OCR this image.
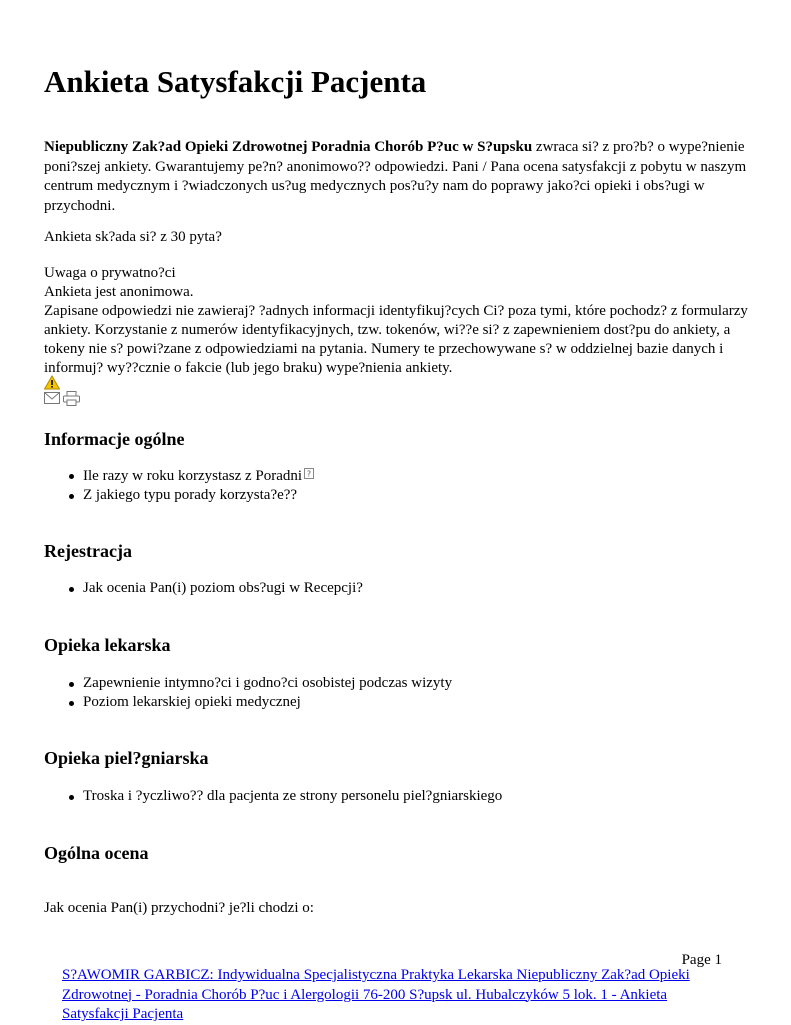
Ankieta Satysfakcji Pacjenta

Niepubliczny Zak?ad Opieki Zdrowotnej Poradnia Chorób P?uc w S?upsku zwraca si? z pro?b? o wype?nienie poni?szej ankiety. Gwarantujemy pe?n? anonimowo?? odpowiedzi. Pani / Pana ocena satysfakcji z pobytu w naszym centrum medycznym i ?wiadczonych us?ug medycznych pos?u?y nam do poprawy jako?ci opieki i obs?ugi w przychodni.

Ankieta sk?ada si? z 30 pyta?

Uwaga o prywatno?ci
Ankieta jest anonimowa.
Zapisane odpowiedzi nie zawieraj? ?adnych informacji identyfikuj?cych Ci? poza tymi, które pochodz? z formularzy ankiety. Korzystanie z numerów identyfikacyjnych, tzw. tokenów, wi??e si? z zapewnieniem dost?pu do ankiety, a tokeny nie s? powi?zane z odpowiedziami na pytania. Numery te przechowywane s? w oddzielnej bazie danych i informuj? wy??cznie o fakcie (lub jego braku) wype?nienia ankiety.
Informacje ogólne
Ile razy w roku korzystasz z Poradni ?
Z jakiego typu porady korzysta?e??
Rejestracja
Jak ocenia Pan(i) poziom obs?ugi w Recepcji?
Opieka lekarska
Zapewnienie intymno?ci i godno?ci osobistej podczas wizyty
Poziom lekarskiej opieki medycznej
Opieka piel?gniarska
Troska i ?yczliwo?? dla pacjenta ze strony personelu piel?gniarskiego
Ogólna ocena

Jak ocenia Pan(i) przychodni? je?li chodzi o:

Page 1
S?AWOMIR GARBICZ: Indywidualna Specjalistyczna Praktyka Lekarska Niepubliczny Zak?ad Opieki Zdrowotnej - Poradnia Chorób P?uc i Alergologii 76-200 S?upsk ul. Hubalczyków 5 lok. 1 - Ankieta Satysfakcji Pacjenta
